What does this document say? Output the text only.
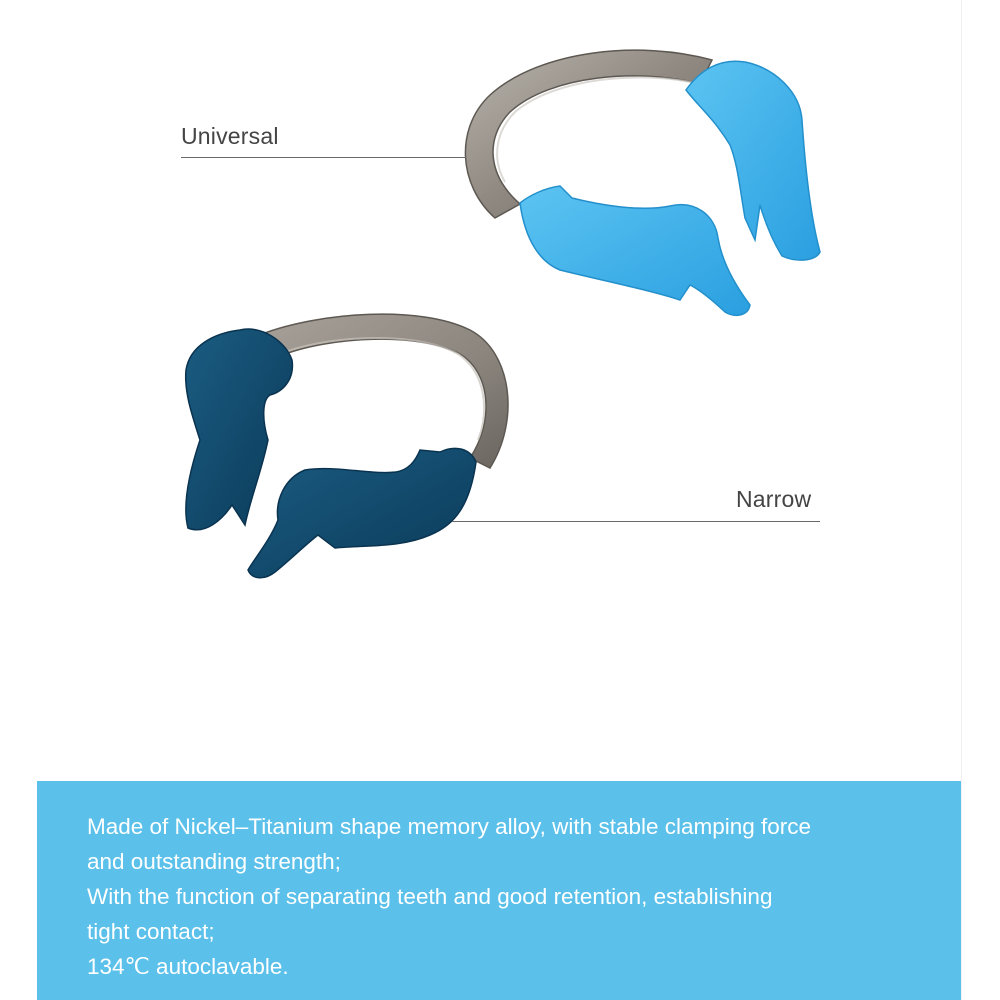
Universal
Narrow
Made of Nickel–Titanium shape memory alloy, with stable clamping force
and outstanding strength;
With the function of separating teeth and good retention, establishing
tight contact;
134℃ autoclavable.
